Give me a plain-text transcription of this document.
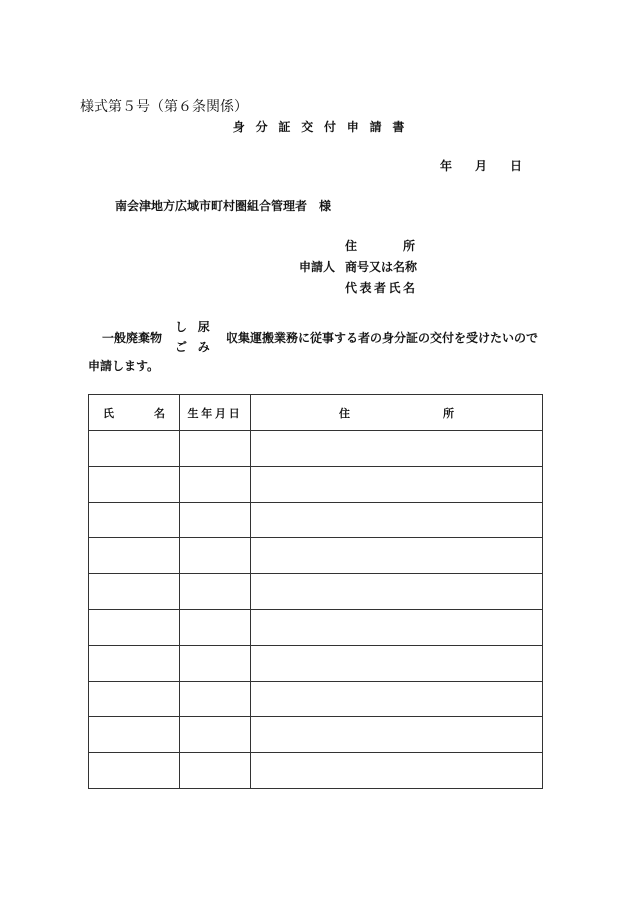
様式第５号（第６条関係）
身分証交付申請書
年 月 日
南会津地方広域市町村圏組合管理者　様
申請人
住	所
商号又は名称
代 表 者 氏 名
一般廃棄物
し尿
ごみ
収集運搬業務に従事する者の身分証の交付を受けたいので
申請します。
氏 名	生年月日	住 所
